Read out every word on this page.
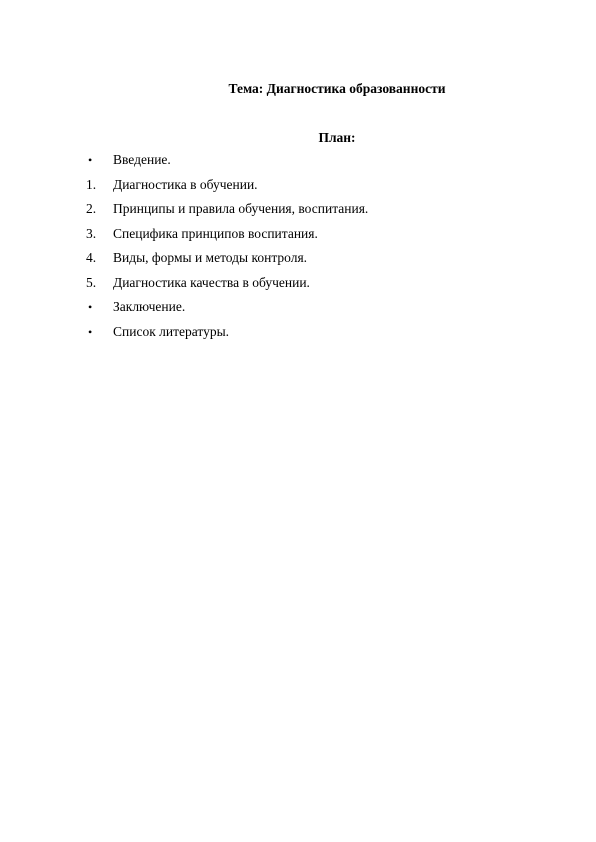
Тема: Диагностика образованности
План:
•	Введение.
1.	Диагностика в обучении.
2.	Принципы и правила обучения, воспитания.
3.	Специфика принципов воспитания.
4.	Виды, формы и методы контроля.
5.	Диагностика качества в обучении.
•	Заключение.
•	Список литературы.
